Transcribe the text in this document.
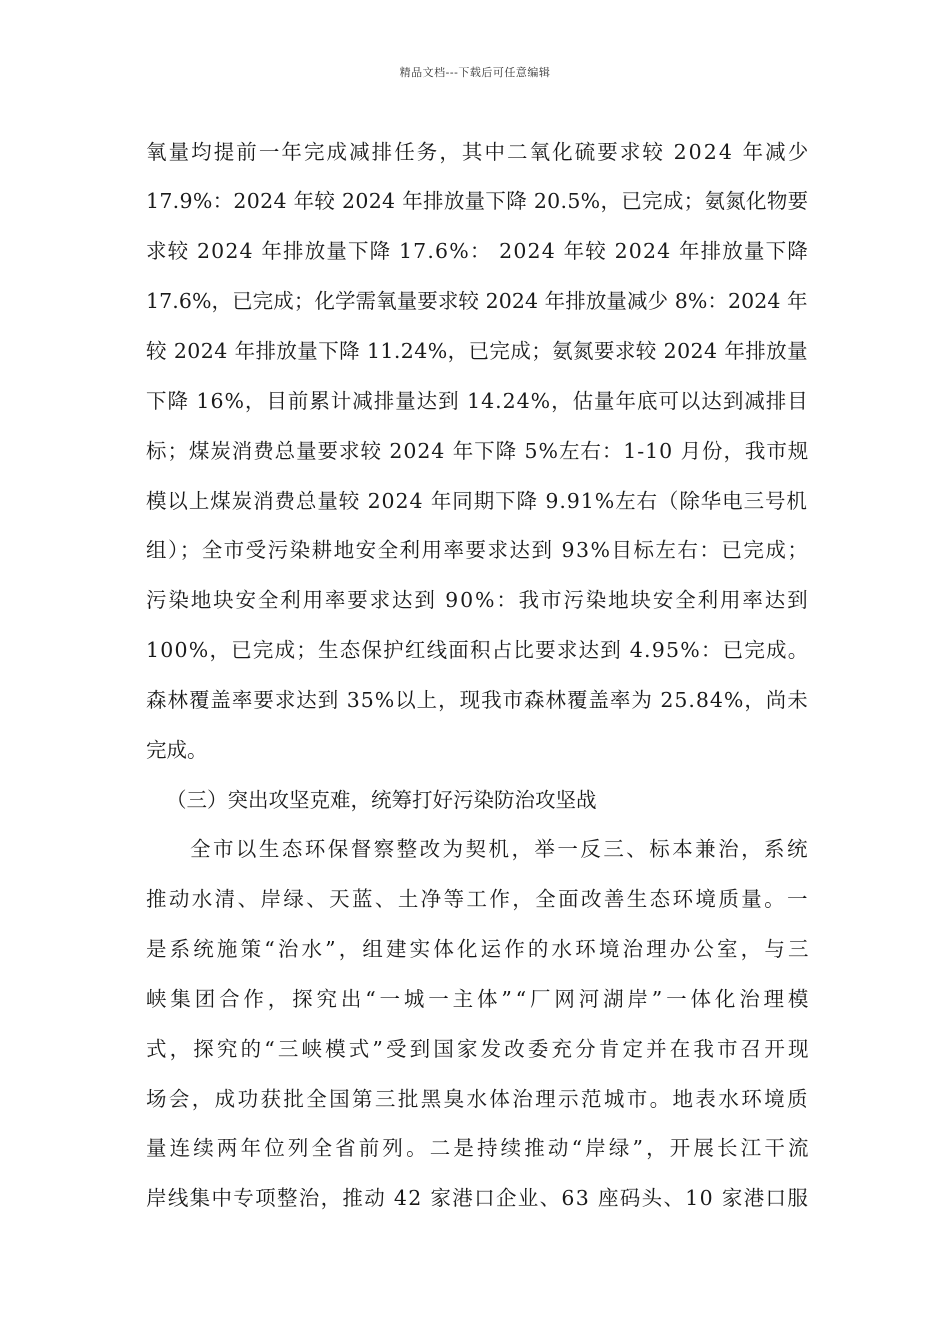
精品文档---下载后可任意编辑
氧量均提前一年完成减排任务，其中二氧化硫要求较 2024 年减少
17.9%：2024 年较 2024 年排放量下降 20.5%，已完成；氨氮化物要
求较 2024 年排放量下降 17.6%： 2024 年较 2024 年排放量下降
17.6%，已完成；化学需氧量要求较 2024 年排放量减少 8%：2024 年
较 2024 年排放量下降 11.24%，已完成；氨氮要求较 2024 年排放量
下降 16%，目前累计减排量达到 14.24%，估量年底可以达到减排目
标；煤炭消费总量要求较 2024 年下降 5%左右：1-10 月份，我市规
模以上煤炭消费总量较 2024 年同期下降 9.91%左右（除华电三号机
组）；全市受污染耕地安全利用率要求达到 93%目标左右：已完成；
污染地块安全利用率要求达到 90%：我市污染地块安全利用率达到
100%，已完成；生态保护红线面积占比要求达到 4.95%：已完成。
森林覆盖率要求达到 35%以上，现我市森林覆盖率为 25.84%，尚未
完成。
（三）突出攻坚克难，统筹打好污染防治攻坚战
全市以生态环保督察整改为契机，举一反三、标本兼治，系统
推动水清、岸绿、天蓝、土净等工作，全面改善生态环境质量。一
是系统施策“治水”，组建实体化运作的水环境治理办公室，与三
峡集团合作，探究出“一城一主体”“厂网河湖岸”一体化治理模
式，探究的“三峡模式”受到国家发改委充分肯定并在我市召开现
场会，成功获批全国第三批黑臭水体治理示范城市。地表水环境质
量连续两年位列全省前列。二是持续推动“岸绿”，开展长江干流
岸线集中专项整治，推动 42 家港口企业、63 座码头、10 家港口服
